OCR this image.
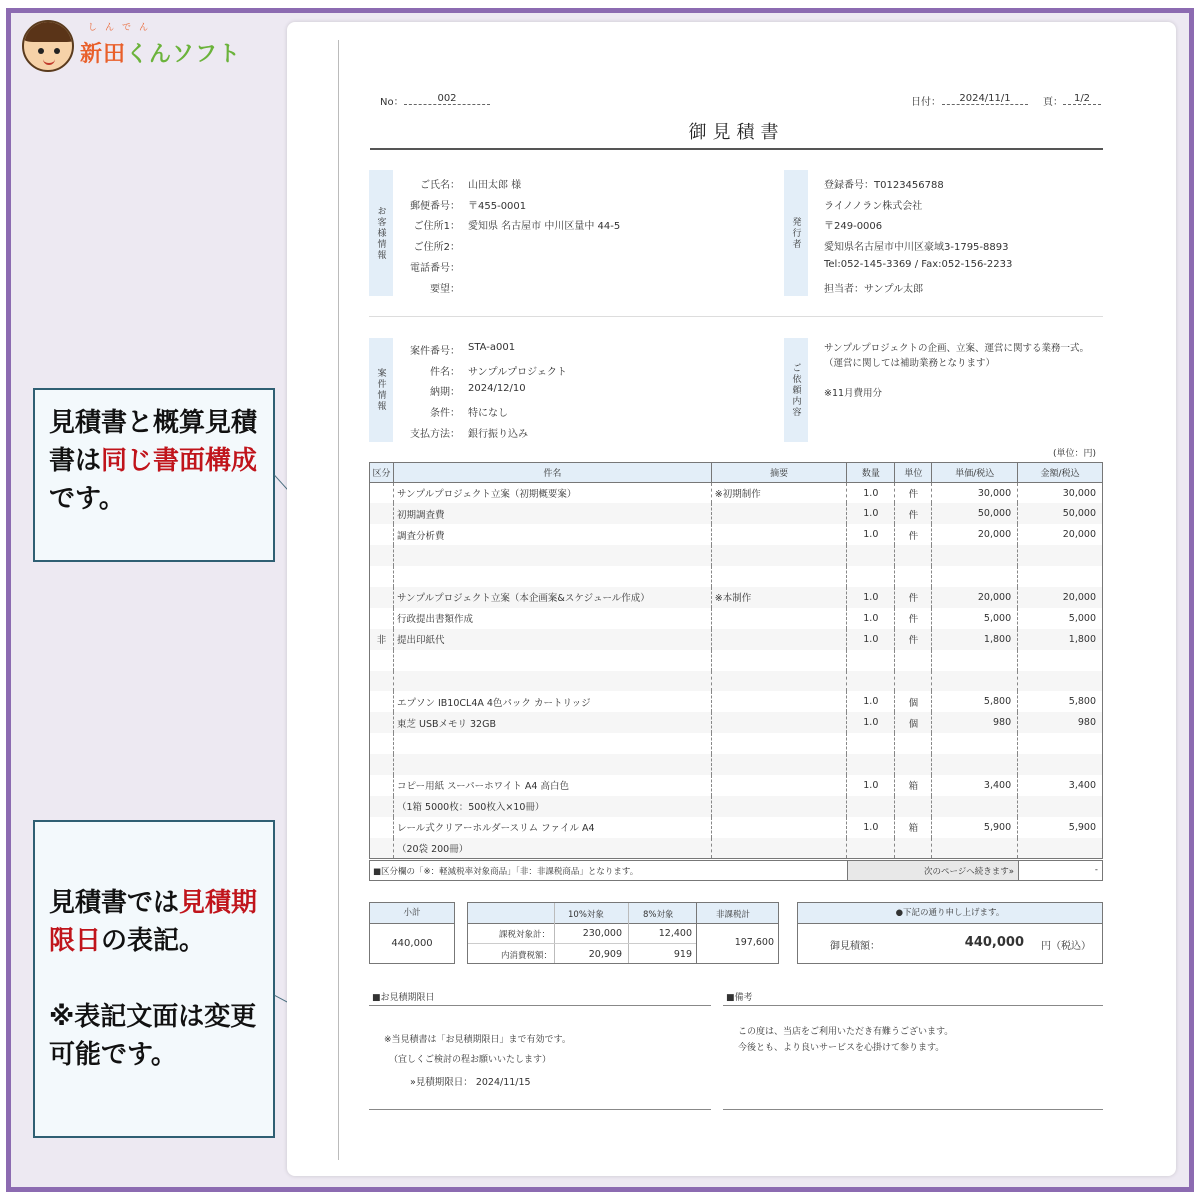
新田くんソフト
しんでん
見積書と概算見積書は同じ書面構成です。
見積書では見積期限日の表記。
※表記文面は変更可能です。
No：	002	日付：	2024/11/1	頁：	1/2
御見積書
お客様情報
ご氏名： 山田太郎 様
郵便番号： 〒455-0001
ご住所1： 愛知県 名古屋市 中川区量中 44-5
ご住所2：
電話番号：
要望：
発行者
登録番号：T0123456788
ライノノラン株式会社
〒249-0006
愛知県名古屋市中川区豪域3-1795-8893
Tel:052-145-3369 / Fax:052-156-2233
担当者：サンプル太郎
案件情報
案件番号： STA-a001
件名： サンプルプロジェクト
納期： 2024/12/10
条件： 特になし
支払方法： 銀行振り込み
ご依頼内容
サンプルプロジェクトの企画、立案、運営に関する業務一式。
（運営に関しては補助業務となります）
※11月費用分
(単位：円)
区分	件名	摘要	数量	単位	単価/税込	金額/税込
	サンプルプロジェクト立案（初期概要案）	※初期制作	1.0	件	30,000	30,000
	初期調査費		1.0	件	50,000	50,000
	調査分析費		1.0	件	20,000	20,000

	サンプルプロジェクト立案（本企画案&スケジュール作成）	※本制作	1.0	件	20,000	20,000
	行政提出書類作成		1.0	件	5,000	5,000
非	提出印紙代		1.0	件	1,800	1,800

	エプソン IB10CL4A 4色パック カートリッジ		1.0	個	5,800	5,800
	東芝 USBメモリ 32GB		1.0	個	980	980

	コピー用紙 スーパーホワイト A4 高白色		1.0	箱	3,400	3,400
	（1箱 5000枚：500枚入×10冊）					
	レール式クリアーホルダースリム ファイル A4		1.0	箱	5,900	5,900
	（20袋 200冊）					
■区分欄の「※：軽減税率対象商品」「非：非課税商品」となります。	次のページへ続きます»	-
小計
440,000
10%対象	8%対象	非課税計
課税対象計：	230,000	12,400
内消費税額：	20,909	919
197,600
●下記の通り申し上げます。
御見積額：	440,000 円（税込）
■お見積期限日
※当見積書は「お見積期限日」まで有効です。
（宜しくご検討の程お願いいたします）
»見積期限日： 2024/11/15
■備考
この度は、当店をご利用いただき有難うございます。
今後とも、より良いサービスを心掛けて参ります。
